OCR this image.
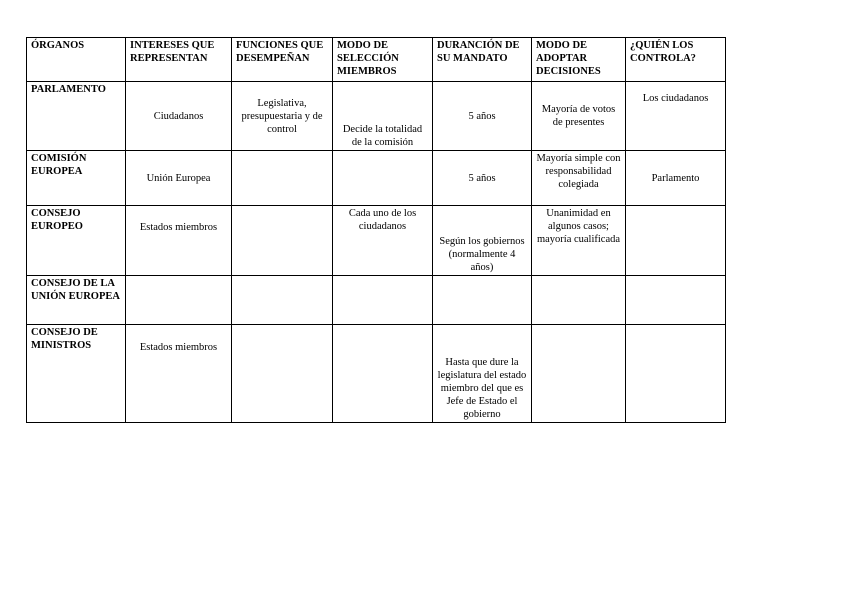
ÓRGANOS	INTERESES QUE REPRESENTAN	FUNCIONES QUE DESEMPEÑAN	MODO DE SELECCIÓN MIEMBROS	DURANCIÓN DE SU MANDATO	MODO DE ADOPTAR DECISIONES	¿QUIÉN LOS CONTROLA?
PARLAMENTO	Ciudadanos	Legislativa, presupuestaria y de control	Decide la totalidad de la comisión	5 años	Mayoría de votos de presentes	Los ciudadanos
COMISIÓN EUROPEA	Unión Europea			5 años	Mayoría simple con responsabilidad colegiada	Parlamento
CONSEJO EUROPEO	Estados miembros		Cada uno de los ciudadanos	Según los gobiernos (normalmente 4 años)	Unanimidad en algunos casos; mayoría cualificada	
CONSEJO DE LA UNIÓN EUROPEA						
CONSEJO DE MINISTROS	Estados miembros			Hasta que dure la legislatura del estado miembro del que es Jefe de Estado el gobierno		
